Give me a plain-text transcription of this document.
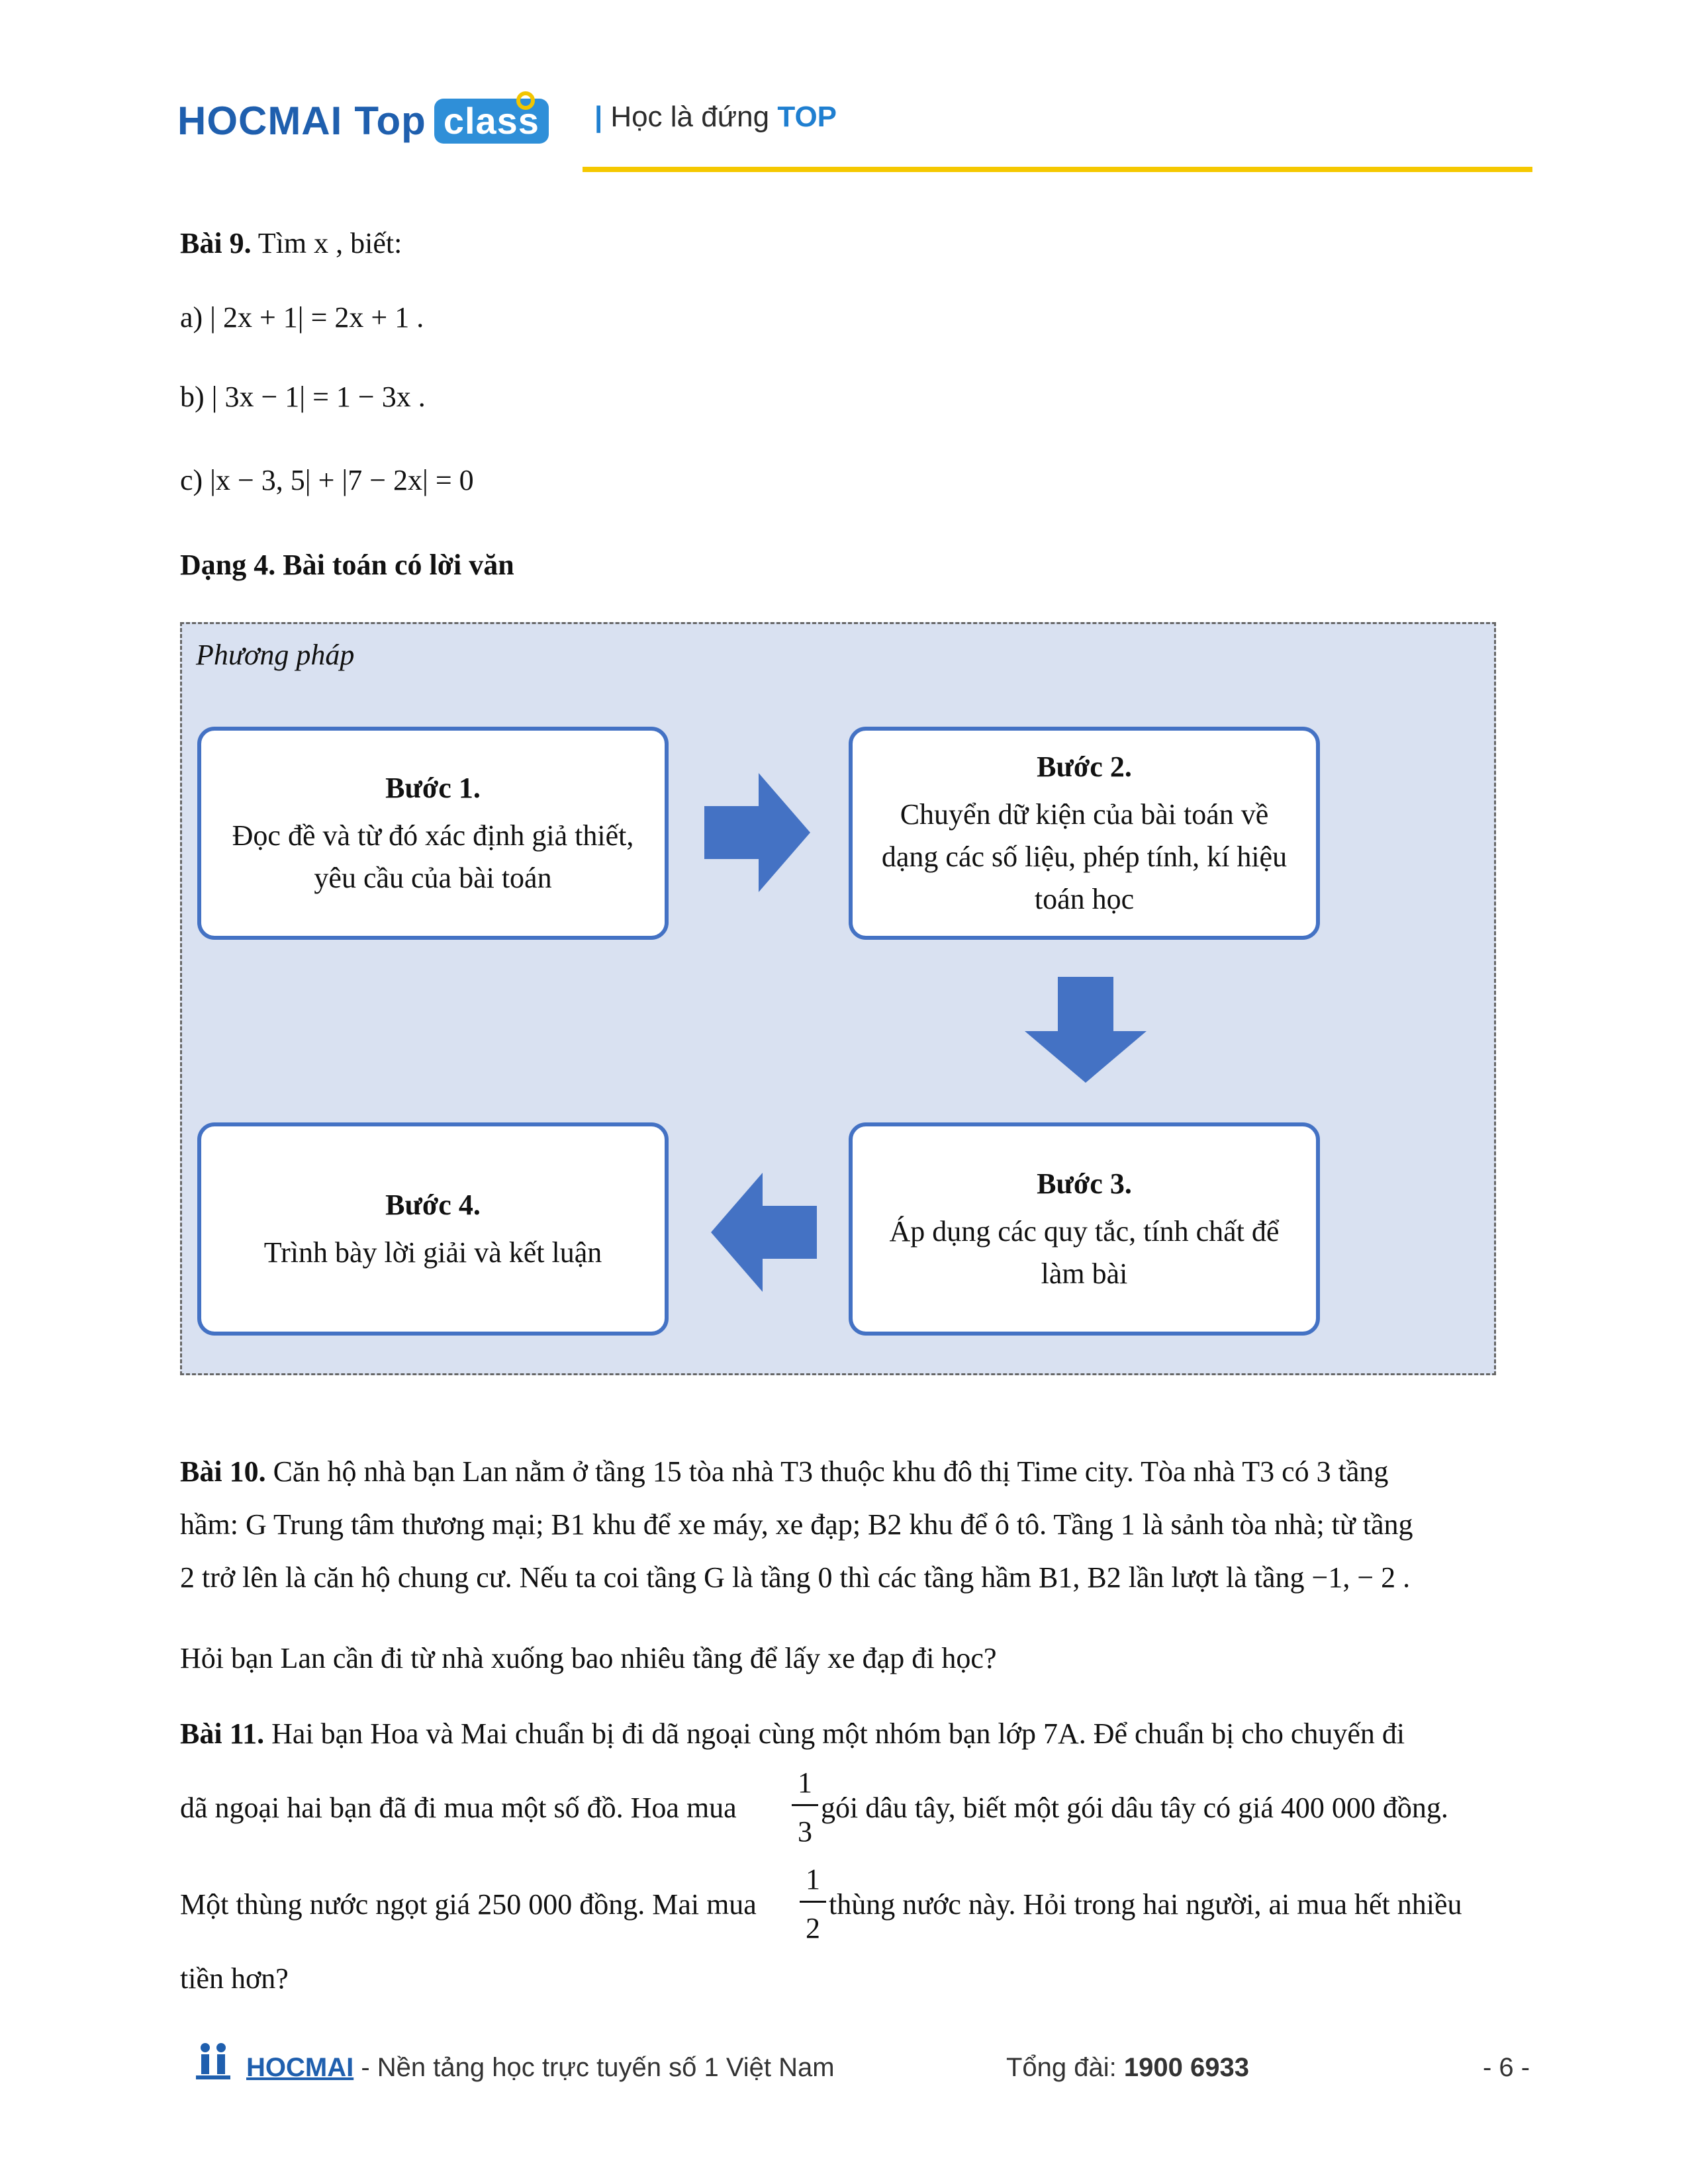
HOCMAI Top class	| Học là đứng TOP
Bài 9. Tìm x , biết:
a) | 2x + 1| = 2x + 1 .
b) | 3x − 1| = 1 − 3x .
c) |x − 3, 5| + |7 − 2x| = 0
Dạng 4. Bài toán có lời văn
Phương pháp
Bước 1.
Đọc đề và từ đó xác định giả thiết,
yêu cầu của bài toán
Bước 2.
Chuyển dữ kiện của bài toán về
dạng các số liệu, phép tính, kí hiệu
toán học
Bước 3.
Áp dụng các quy tắc, tính chất để
làm bài
Bước 4.
Trình bày lời giải và kết luận
Bài 10. Căn hộ nhà bạn Lan nằm ở tầng 15 tòa nhà T3 thuộc khu đô thị Time city. Tòa nhà T3 có 3 tầng
hầm: G Trung tâm thương mại; B1 khu để xe máy, xe đạp; B2 khu để ô tô. Tầng 1 là sảnh tòa nhà; từ tầng
2 trở lên là căn hộ chung cư. Nếu ta coi tầng G là tầng 0 thì các tầng hầm B1, B2 lần lượt là tầng −1, − 2 .
Hỏi bạn Lan cần đi từ nhà xuống bao nhiêu tầng để lấy xe đạp đi học?
Bài 11. Hai bạn Hoa và Mai chuẩn bị đi dã ngoại cùng một nhóm bạn lớp 7A. Để chuẩn bị cho chuyến đi
dã ngoại hai bạn đã đi mua một số đồ. Hoa mua
1
3
gói dâu tây, biết một gói dâu tây có giá 400 000 đồng.
Một thùng nước ngọt giá 250 000 đồng. Mai mua
1
2
thùng nước này. Hỏi trong hai người, ai mua hết nhiều
tiền hơn?
HOCMAI - Nền tảng học trực tuyến số 1 Việt Nam	Tổng đài: 1900 6933	- 6 -
